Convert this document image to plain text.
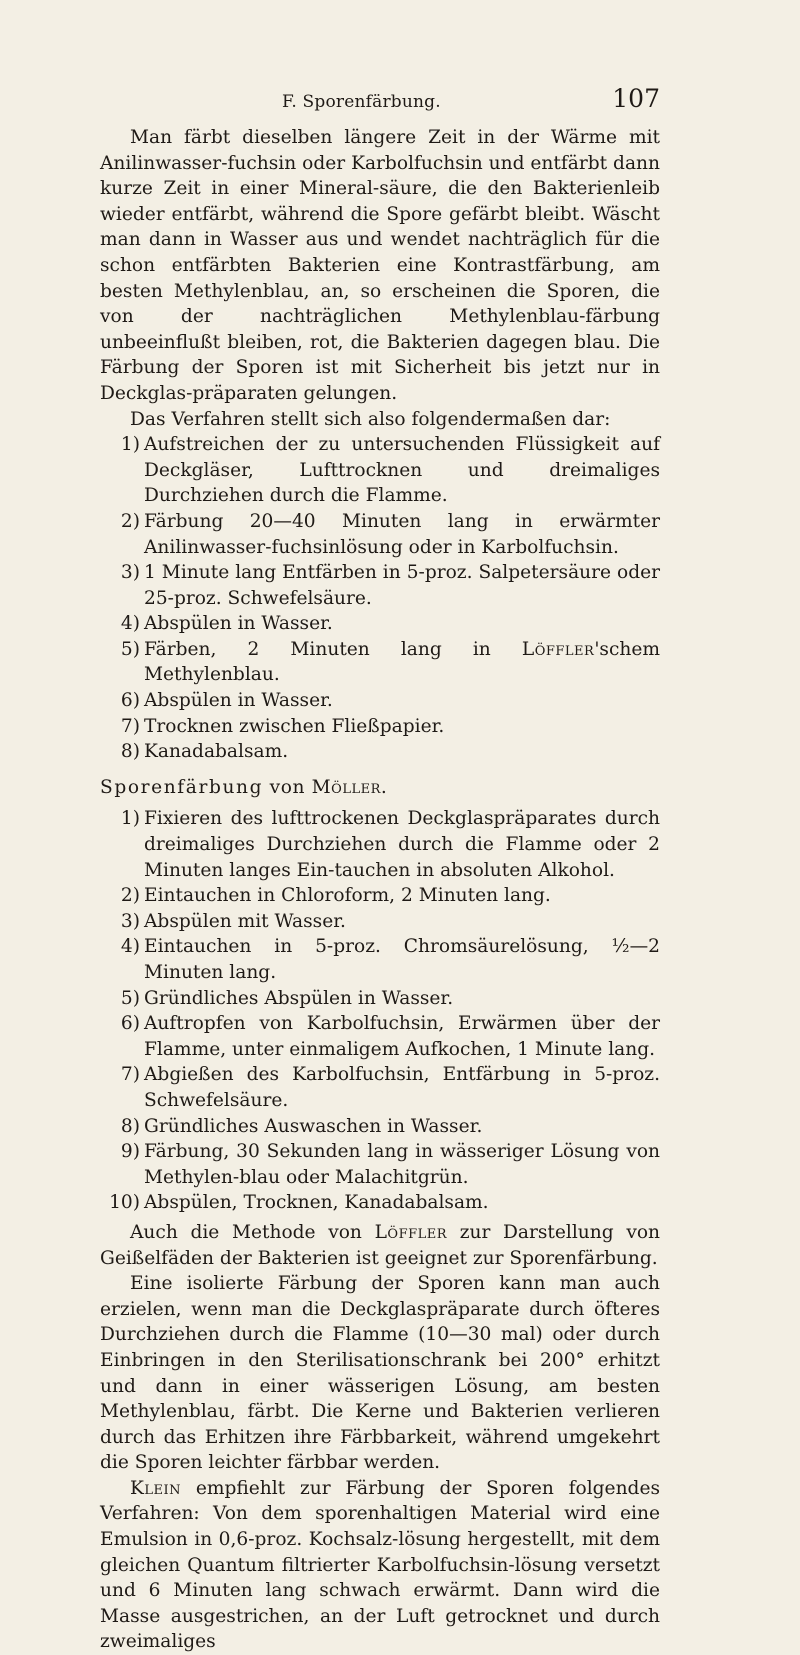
F. Sporenfärbung.	107

Man färbt dieselben längere Zeit in der Wärme mit Anilinwasser-fuchsin oder Karbolfuchsin und entfärbt dann kurze Zeit in einer Mineral-säure, die den Bakterienleib wieder entfärbt, während die Spore gefärbt bleibt. Wäscht man dann in Wasser aus und wendet nachträglich für die schon entfärbten Bakterien eine Kontrastfärbung, am besten Methylenblau, an, so erscheinen die Sporen, die von der nachträglichen Methylenblau-färbung unbeeinflußt bleiben, rot, die Bakterien dagegen blau. Die Färbung der Sporen ist mit Sicherheit bis jetzt nur in Deckglas-präparaten gelungen.

Das Verfahren stellt sich also folgendermaßen dar:

1) Aufstreichen der zu untersuchenden Flüssigkeit auf Deckgläser, Lufttrocknen und dreimaliges Durchziehen durch die Flamme.
2) Färbung 20—40 Minuten lang in erwärmter Anilinwasser-fuchsinlösung oder in Karbolfuchsin.
3) 1 Minute lang Entfärben in 5-proz. Salpetersäure oder 25-proz. Schwefelsäure.
4) Abspülen in Wasser.
5) Färben, 2 Minuten lang in Löffler'schem Methylenblau.
6) Abspülen in Wasser.
7) Trocknen zwischen Fließpapier.
8) Kanadabalsam.

Sporenfärbung von Möller.

1) Fixieren des lufttrockenen Deckglaspräparates durch dreimaliges Durchziehen durch die Flamme oder 2 Minuten langes Ein-tauchen in absoluten Alkohol.
2) Eintauchen in Chloroform, 2 Minuten lang.
3) Abspülen mit Wasser.
4) Eintauchen in 5-proz. Chromsäurelösung, ½—2 Minuten lang.
5) Gründliches Abspülen in Wasser.
6) Auftropfen von Karbolfuchsin, Erwärmen über der Flamme, unter einmaligem Aufkochen, 1 Minute lang.
7) Abgießen des Karbolfuchsin, Entfärbung in 5-proz. Schwefelsäure.
8) Gründliches Auswaschen in Wasser.
9) Färbung, 30 Sekunden lang in wässeriger Lösung von Methylen-blau oder Malachitgrün.
10) Abspülen, Trocknen, Kanadabalsam.

Auch die Methode von Löffler zur Darstellung von Geißelfäden der Bakterien ist geeignet zur Sporenfärbung.

Eine isolierte Färbung der Sporen kann man auch erzielen, wenn man die Deckglaspräparate durch öfteres Durchziehen durch die Flamme (10—30 mal) oder durch Einbringen in den Sterilisationschrank bei 200° erhitzt und dann in einer wässerigen Lösung, am besten Methylenblau, färbt. Die Kerne und Bakterien verlieren durch das Erhitzen ihre Färbbarkeit, während umgekehrt die Sporen leichter färbbar werden.

Klein empfiehlt zur Färbung der Sporen folgendes Verfahren: Von dem sporenhaltigen Material wird eine Emulsion in 0,6-proz. Kochsalz-lösung hergestellt, mit dem gleichen Quantum filtrierter Karbolfuchsin-lösung versetzt und 6 Minuten lang schwach erwärmt. Dann wird die Masse ausgestrichen, an der Luft getrocknet und durch zweimaliges
